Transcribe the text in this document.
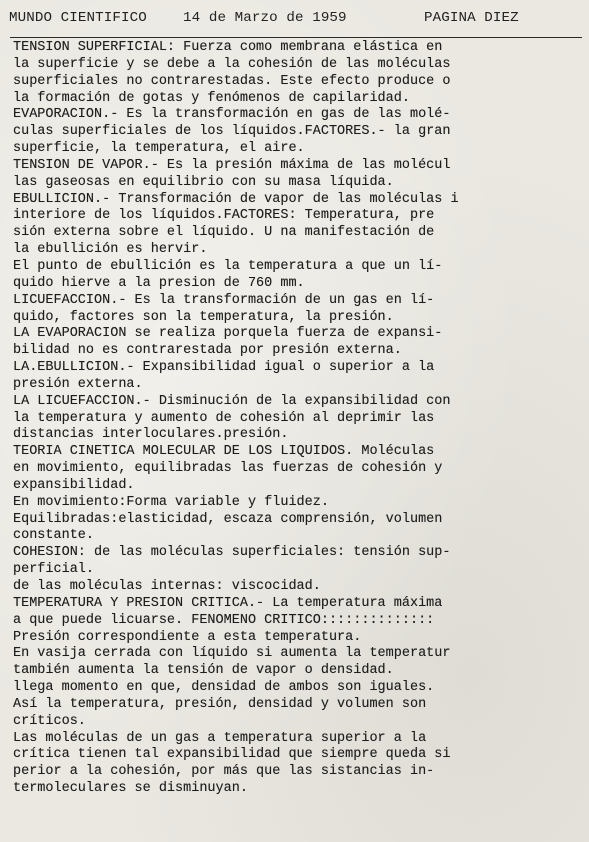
MUNDO CIENTIFICO

	14 de Marzo de 1959

	PAGINA DIEZ

TENSION SUPERFICIAL: Fuerza como membrana elástica en
la superficie y se debe a la cohesión de las moléculas
superficiales no contrarestadas. Este efecto produce o
la formación de gotas y fenómenos de capilaridad.
EVAPORACION.- Es la transformación en gas de las molé-
culas superficiales de los líquidos.FACTORES.- la gran
superficie, la temperatura, el aire.
TENSION DE VAPOR.- Es la presión máxima de las molécul
las gaseosas en equilibrio con su masa líquida.
EBULLICION.- Transformación de vapor de las moléculas i
interiore de los líquidos.FACTORES: Temperatura, pre
sión externa sobre el líquido. U na manifestación de
la ebullición es hervir.
El punto de ebullición es la temperatura a que un lí-
quido hierve a la presion de 760 mm.
LICUEFACCION.- Es la transformación de un gas en lí-
quido, factores son la temperatura, la presión.
LA EVAPORACION se realiza porquela fuerza de expansi-
bilidad no es contrarestada por presión externa.
LA.EBULLICION.- Expansibilidad igual o superior a la
presión externa.
LA LICUEFACCION.- Disminución de la expansibilidad con
la temperatura y aumento de cohesión al deprimir las
distancias interloculares.presión.
TEORIA CINETICA MOLECULAR DE LOS LIQUIDOS. Moléculas
en movimiento, equilibradas las fuerzas de cohesión y
expansibilidad.
En movimiento:Forma variable y fluidez.
Equilibradas:elasticidad, escaza comprensión, volumen
constante.
COHESION: de las moléculas superficiales: tensión sup-
perficial.
de las moléculas internas: viscocidad.
TEMPERATURA Y PRESION CRITICA.- La temperatura máxima
a que puede licuarse. FENOMENO CRITICO::::::::::::::
Presión correspondiente a esta temperatura.
En vasija cerrada con líquido si aumenta la temperatur
también aumenta la tensión de vapor o densidad.
llega momento en que, densidad de ambos son iguales.
Así la temperatura, presión, densidad y volumen son
críticos.
Las moléculas de un gas a temperatura superior a la
crítica tienen tal expansibilidad que siempre queda si
perior a la cohesión, por más que las sistancias in-
termoleculares se disminuyan.
